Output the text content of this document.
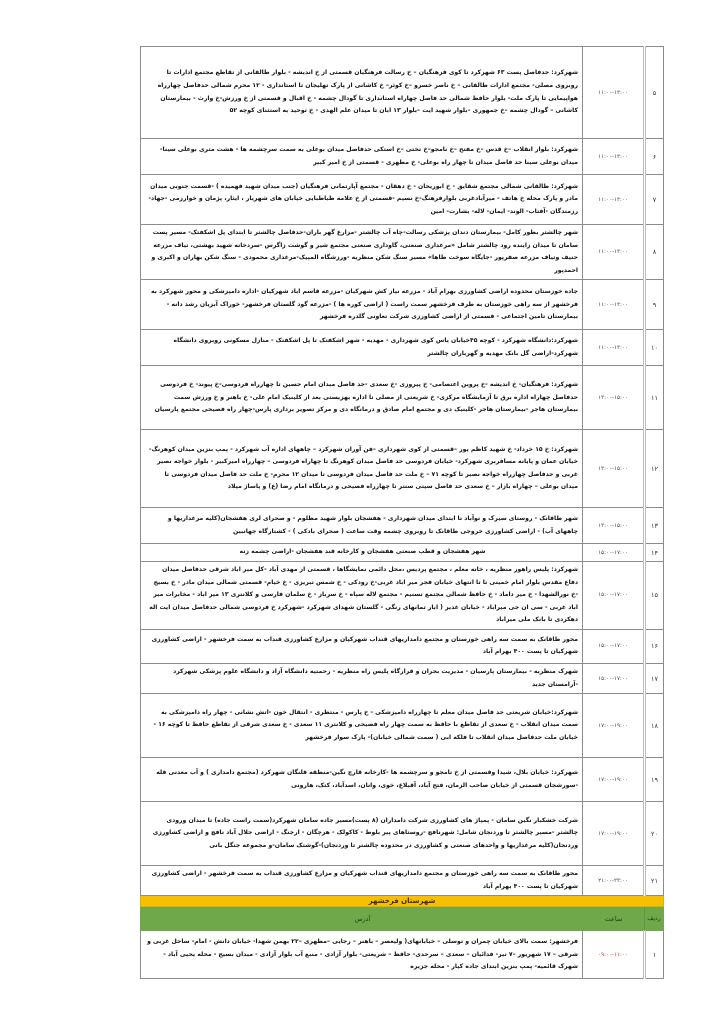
۵	۱۱:۰۰-۱۳:۰۰	شهرکرد: حدفاصل پست ۶۳ شهرکرد تا کوی فرهنگیان – خ رسالت فرهنگیان قسمتی از خ اندیشه - بلوار طالقانی از تقاطع مجتمع ادارات تا روبروی مصلی- مجتمع ادارات طالقانی – خ ناصر خسرو –خ کوثر– خ کاشانی از پارک تهلیجان تا استانداری - ۱۲ محرم شمالی حدفاصل چهارراه هواپیمایی تا پارک ملت- بلوار حافظ شمالی حد فاصل چهاراه استانداری تا گودال چشمه - خ اقبال و قسمتی از خ ورزش-خ وارث - بیمارستان کاشانی – گودال چشمه –خ جمهوری –بلوار شهید ایت –بلوار ۱۳ ابان تا میدان علم الهدی - خ توحید به استثنای کوچه ۵۲
۶	۱۱:۰۰-۱۳:۰۰	شهرکرد: بلوار انقلاب –خ قدس –خ مفتح –خ نامجو–خ تختی –خ استکی حدفاصل میدان بوعلی به سمت سرچشمه ها - هشت متری بوعلی سینا- میدان بوعلی سینا حد فاصل میدان تا چهار راه بوعلی- خ مطهری - قسمتی از خ امیر کبیر
۷	۱۱:۰۰-۱۳:۰۰	شهرکرد: طالقانی شمالی مجتمع شقایق - خ ابوریحان - خ دهقان - مجتمع آپارتمانی فرهنگیان (جنب میدان شهید فهمیده ) -قسمت جنوبی میدان مادر و پارک محله خ هاتف - میرآبادغربی بلوارفرهنگ-خ نسیم -قسمتی از خ علامه طباطبایی خیابان های شهریار ، ایثار، پژمان و خوارزمی -جهاد- رزمندگان -آفتاب- الوند- ایمان- لاله- بشارت- امین
۸	۱۱:۰۰-۱۳:۰۰	شهر چالشتر بطور کامل- بیمارستان دندان پزشکی رسالت-چاه آب چالشتر -مزارع گهر باران-حدفاصل چالشتر تا ابتدای پل اشکفتک- مسیر پست سامان تا میدان زاینده رود چالشتر شامل «مرغداری صنعتی، گاوداری صنعتی مجتمع شیر و گوشت زاگرس -سردخانه شهید بهشتی، تیاف مزرعه حنیف وتیاف مزرعه صفرپور -جایگاه سوخت طاها» مسیر سنگ شکن منظریه -ورزشگاه المپیک-مرغداری محمودی - سنگ شکن بهاران و اکبری و احمدپور
۹	۱۱:۰۰-۱۳:۰۰	جاده خوزستان محدوده اراضی کشاورزی بهرام آباد - مزرعه نیاز کش شهرکیان -مزرعه قاسم اباد شهرکیان -اداره دامپزشکی و محور شهرکرد به فرخشهر از سه راهی خوزستان به طرف فرخشهر سمت راست ( اراضی کوره ها ) -مزرعه گود گلستان فرخشهر- خوراک آبزیان رشد دانه - بیمارستان تامین اجتماعی - قسمتی از اراضی کشاورزی شرکت تعاونی گلدره فرخشهر
۱۰	۱۱:۰۰-۱۳:۰۰	شهرکرد:دانشگاه شهرکرد - کوچه ۴۵خیابان یاس کوی شهرداری - مهدیه - شهر اشکفتک تا پل اشکفتک - منازل مسکونی روبروی دانشگاه شهرکرد-اراضی گل بانک مهدیه و گهرباران چالشتر
۱۱	۱۳:۰۰-۱۵:۰۰	شهرکرد: فرهنگیان- خ اندیشه -خ پروین اعتصامی- خ پیروزی -خ سعدی -حد فاصل میدان امام حسین تا چهارراه فردوسی-خ پیوند- خ فردوسی حدفاصل چهاراه اداره برق تا آزمایشگاه مرکزی- خ شریعتی از مصلی تا اداره بهزیستی بعد از کلینیک امام علی- خ باهنر و خ ورزش سمت بیمارستان هاجر -بیمارستان هاجر -کلینیک دی و مجتمع امام صادق و درمانگاه دی و مرکز تصویر برداری پارس-چهار راه فصیحی مجتمع پارسیان
۱۲	۱۳:۰۰-۱۵:۰۰	شهرکرد: خ ۱۵ خرداد- خ شهید کاظم پور –قسمتی از کوی شهرداری –فن آوران شهرکرد – چاههای اداره آب شهرکرد - پمپ بنزین میدان کوهرنگ-خیابان عمان و پایانه مسافربری شهرکرد- خیابان فردوسی حد فاصل میدان کوهرنگ تا چهاراه فردوسی – چهارراه امیرکبیر - بلوار خواجه نصیر غربی و حدفاصل چهارراه خواجه نصیر تا کوچه ۷۱ – خ ملت حد فاصل میدان فردوسی تا میدان ۱۲ محرم- خ ملت حد فاصل میدان فردوسی تا میدان بوعلی – چهاراه بازار – خ سعدی حد فاصل سیتی سنتر تا چهارراه فصیحی و درمانگاه امام رضا (ع) و پاساژ میلاد
۱۳	۱۳:۰۰-۱۵:۰۰	شهر طاقانک - روستای سیرک و نوآباد تا ابتدای میدان شهرداری - هفشجان بلوار شهید مظلوم - و صحرای لری هفشجان(کلیه مرغداریها و چاههای آب) - اراضی کشاورزی خروجی طاقانک تا روبروی چشمه وقت ساعت ( صحرای بادکی ) - کشتارگاه جهانبین
۱۴	۱۵:۰۰-۱۷:۰۰	شهر هفشجان و قطب صنعتی هفشجان و کارخانه قند هفشجان -اراضی چشمه زنه
۱۵	۱۵:۰۰-۱۷:۰۰	شهرکرد: پلیس راهور منظریه ، خانه معلم ، مجتمع پردیس ،محل دائمی نمایشگاها ، قسمتی از مهدی آباد -کل میر اباد شرقی حدفاصل میدان دفاع مقدس بلوار امام خمینی تا تا انتهای خیابان فجر میر اباد غربی-خ رودکی - خ شمس تبریزی - خ خیام- قسمتی شمالی میدان مادر - خ بسیج -خ نورالشهدا - خ میر داماد - خ حافظ شمالی مجتمع تسنیم - مجتمع لاله سپاه - خ سرباز - خ سلمان فارسی و کلانتری ۱۳ میر اباد - مخابرات میر اباد غربی - سی ان جی میراباد - خیابان غدیر ( ابار تمانهای رنگی - گلستان شهدای شهرکرد -شهرکرد خ فردوسی شمالی حدفاصل میدان ایت اله دهکردی تا بانک ملی میراباد
۱۶	۱۵:۰۰-۱۷:۰۰	محور طاقانک به سمت سه راهی خوزستان و مجتمع دامداریهای قنداب شهرکیان و مزارع کشاورزی قنداب به سمت فرخشهر - اراضی کشاورزی شهرکیان تا پست ۴۰۰ بهرام آباد
۱۷	۱۵:۰۰-۱۷:۰۰	شهرک منظریه - بیمارستان پارسیان - مدیریت بحران و قرارگاه پلیس راه منظریه - رحمتیه دانشگاه آزاد و دانشگاه علوم پزشکی شهرکرد -آرامستان جدید
۱۸	۱۷:۰۰-۱۹:۰۰	شهرکرد:خیابان شریعتی حد فاصل میدان معلم تا چهارراه دامپزشکی - خ پارس - منتظری - انتقال خون -اتش نشانی - چهار راه دامپزشکی به سمت میدان انقلاب - خ سعدی از تقاطع با حافظ به سمت چهار راه فصیحی و کلانتری ۱۱ سعدی - خ سعدی شرقی از تقاطع حافظ تا کوچه ۱۶ - خیابان ملت حدفاصل میدان انقلاب تا فلکه ابی ( سمت شمالی خیابان)- پارک سوار فرخشهر
۱۹	۱۷:۰۰-۱۹:۰۰	شهرکرد: خیابان بلال، شیدا وقسمتی از خ نامجو و سرچشمه ها -کارخانه قارچ نگین-منطقه قلنگان شهرکرد (مجتمع دامداری ) و آب معدنی قله -سورشجان قسمتی از خیابان صاحب الزمان، فتح آباد، آقبلاغ، خوی، وانان، اسدآباد، کتک، هارونی
۲۰	۱۷:۰۰-۱۹:۰۰	شرکت خشکبار نگین سامان - پمپاژ های کشاورزی شرکت دامداران (۸ پست)مسیر جاده سامان شهرکرد(سمت راست جاده) تا میدان ورودی چالشتر -مسیر چالشتر تا وردنجان شامل: شهرنافچ -روستاهای پیر بلوط - کاکولک - هرچگان - ارجنگ - اراضی جلال آباد نافچ و اراضی کشاورزی وردنجان(کلیه مرغداریها و واحدهای صنعتی و کشاورزی در محدوده چالشتر تا وردنجان)-گوشتک سامان-و مجموعه جنگل بانی
۲۱	۲۱:۰۰-۲۳:۰۰	محور طاقانک به سمت سه راهی خوزستان و مجتمع دامداریهای قنداب شهرکیان و مزارع کشاورزی قنداب به سمت فرخشهر - اراضی کشاورزی شهرکیان تا پست ۴۰۰ بهرام آباد
شهرستان فرخشهر		
ردیف	ساعت	آدرس
۱	۰۹:۰۰-۱۱:۰۰	فرخشهر: سمت بالای خیابان چمران و توسلی – خیابانهای( ولیعصر – باهنر – رجایی –مطهری –۲۲ بهمن شهدا- خیابان دانش - امام- ساحل غربی و شرقی – ۱۷ شهریور –۷ تیر- فدائیان – سعدی – سرحدی- حافظ – شریعتی- بلوار آزادی - منبع آب بلوار آزادی - میدان بسیج - محله یحیی آباد - شهرک قائمیه- پمپ بنزین ابتدای جاده کیار - محله جزیره
